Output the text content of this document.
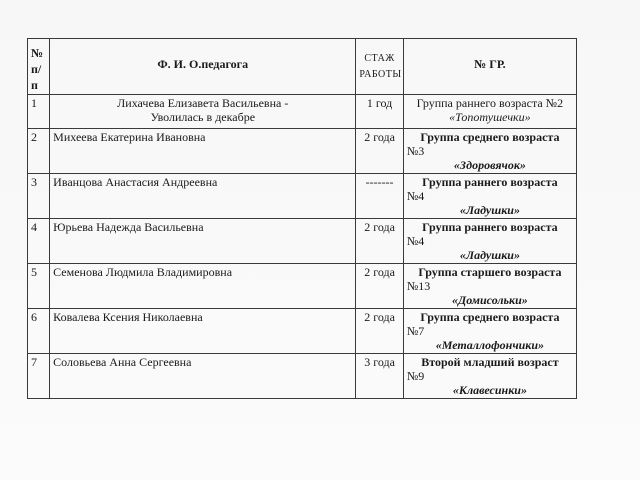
№ п/п	Ф. И. О.педагога	СТАЖ РАБОТЫ	№ ГР.
1	Лихачева Елизавета Васильевна -
Уволилась в декабре	1 год	Группа раннего возраста №2
«Топотушечки»

2	Михеева Екатерина Ивановна	2 года	Группа среднего возраста
№3
«Здоровячок»

3	Иванцова Анастасия Андреевна	-------	Группа раннего возраста
№4
«Ладушки»

4	Юрьева Надежда Васильевна	2 года	Группа раннего возраста
№4
«Ладушки»

5	Семенова Людмила Владимировна	2 года	Группа старшего возраста
№13
«Домисольки»

6	Ковалева Ксения Николаевна	2 года	Группа среднего возраста
№7
«Металлофончики»

7	Соловьева Анна Сергеевна	3 года	Второй младший возраст
№9
«Клавесинки»
